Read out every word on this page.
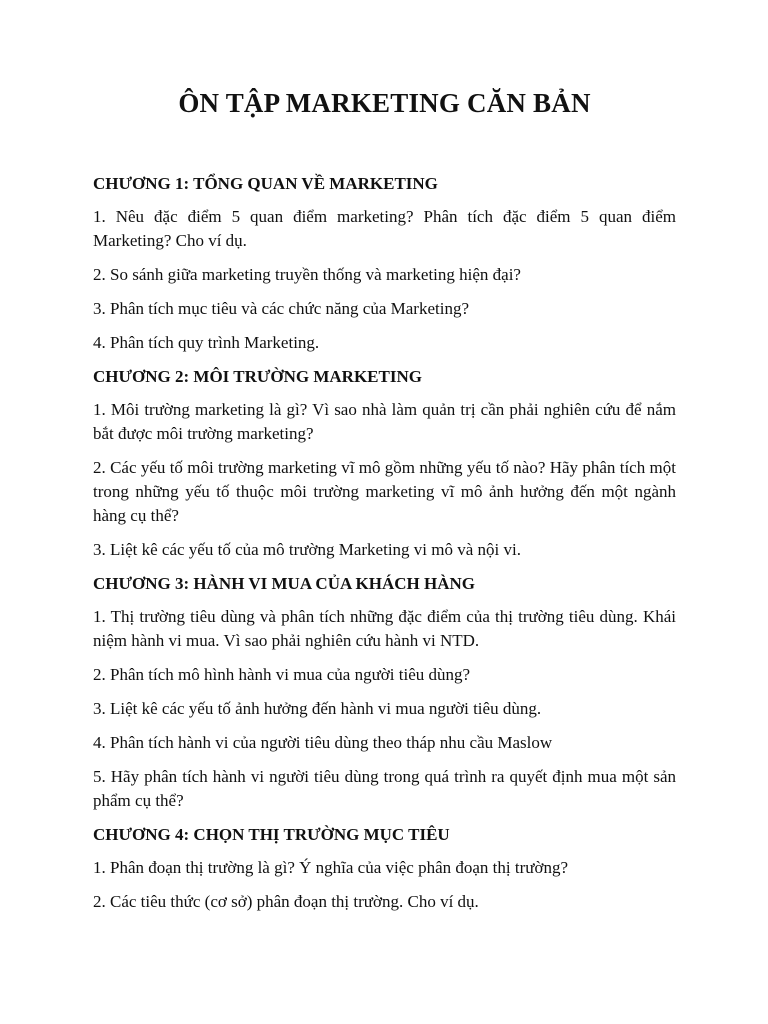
ÔN TẬP MARKETING CĂN BẢN
CHƯƠNG 1: TỔNG QUAN VỀ MARKETING

1. Nêu đặc điểm 5 quan điểm marketing? Phân tích đặc điểm 5 quan điểm Marketing? Cho ví dụ.

2. So sánh giữa marketing truyền thống và marketing hiện đại?

3. Phân tích mục tiêu và các chức năng của Marketing?

4. Phân tích quy trình Marketing.

CHƯƠNG 2: MÔI TRƯỜNG MARKETING

1. Môi trường marketing là gì? Vì sao nhà làm quản trị cần phải nghiên cứu để nắm bắt được môi trường marketing?

2. Các yếu tố môi trường marketing vĩ mô gồm những yếu tố nào? Hãy phân tích một trong những yếu tố thuộc môi trường marketing vĩ mô ảnh hưởng đến một ngành hàng cụ thể?

3. Liệt kê các yếu tố của mô trường Marketing vi mô và nội vi.

CHƯƠNG 3: HÀNH VI MUA CỦA KHÁCH HÀNG

1. Thị trường tiêu dùng và phân tích những đặc điểm của thị trường tiêu dùng. Khái niệm hành vi mua. Vì sao phải nghiên cứu hành vi NTD.

2. Phân tích mô hình hành vi mua của người tiêu dùng?

3. Liệt kê các yếu tố ảnh hưởng đến hành vi mua người tiêu dùng.

4. Phân tích hành vi của người tiêu dùng theo tháp nhu cầu Maslow

5. Hãy phân tích hành vi người tiêu dùng trong quá trình ra quyết định mua một sản phẩm cụ thể?

CHƯƠNG 4: CHỌN THỊ TRƯỜNG MỤC TIÊU

1. Phân đoạn thị trường là gì? Ý nghĩa của việc phân đoạn thị trường?

2. Các tiêu thức (cơ sở) phân đoạn thị trường. Cho ví dụ.
